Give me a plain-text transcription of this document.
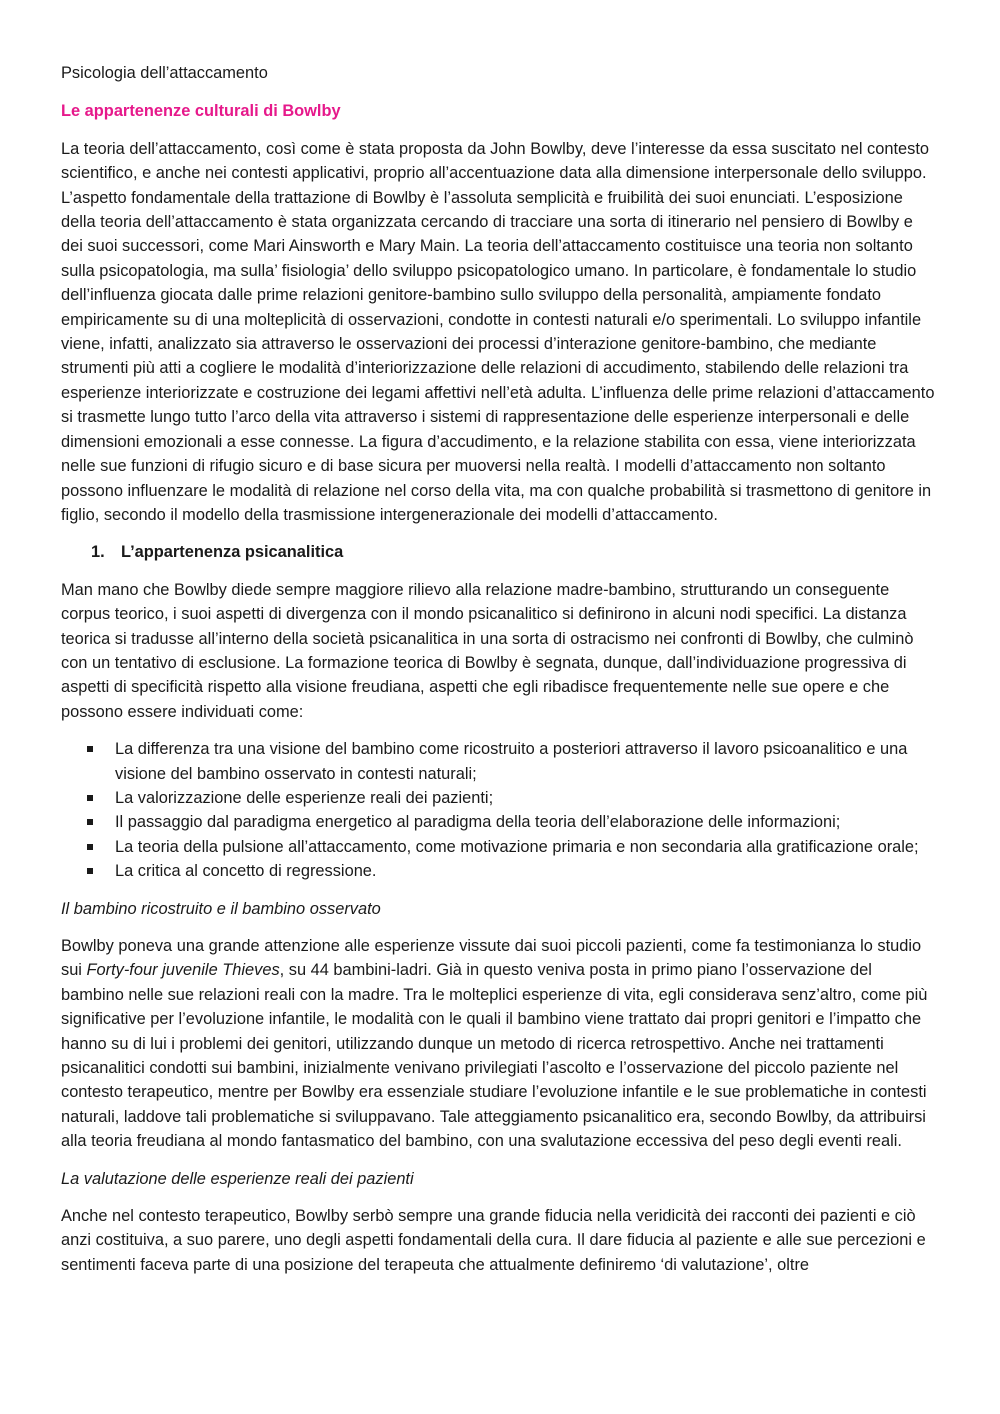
Psicologia dell’attaccamento

Le appartenenze culturali di Bowlby

La teoria dell’attaccamento, così come è stata proposta da John Bowlby, deve l’interesse da essa suscitato nel contesto scientifico, e anche nei contesti applicativi, proprio all’accentuazione data alla dimensione interpersonale dello sviluppo. L’aspetto fondamentale della trattazione di Bowlby è l’assoluta semplicità e fruibilità dei suoi enunciati. L’esposizione della teoria dell’attaccamento è stata organizzata cercando di tracciare una sorta di itinerario nel pensiero di Bowlby e dei suoi successori, come Mari Ainsworth e Mary Main. La teoria dell’attaccamento costituisce una teoria non soltanto sulla psicopatologia, ma sulla’ fisiologia’ dello sviluppo psicopatologico umano. In particolare, è fondamentale lo studio dell’influenza giocata dalle prime relazioni genitore-bambino sullo sviluppo della personalità, ampiamente fondato empiricamente su di una molteplicità di osservazioni, condotte in contesti naturali e/o sperimentali. Lo sviluppo infantile viene, infatti, analizzato sia attraverso le osservazioni dei processi d’interazione genitore-bambino, che mediante strumenti più atti a cogliere le modalità d’interiorizzazione delle relazioni di accudimento, stabilendo delle relazioni tra esperienze interiorizzate e costruzione dei legami affettivi nell’età adulta. L’influenza delle prime relazioni d’attaccamento si trasmette lungo tutto l’arco della vita attraverso i sistemi di rappresentazione delle esperienze interpersonali e delle dimensioni emozionali a esse connesse. La figura d’accudimento, e la relazione stabilita con essa, viene interiorizzata nelle sue funzioni di rifugio sicuro e di base sicura per muoversi nella realtà. I modelli d’attaccamento non soltanto possono influenzare le modalità di relazione nel corso della vita, ma con qualche probabilità si trasmettono di genitore in figlio, secondo il modello della trasmissione intergenerazionale dei modelli d’attaccamento.

1. L’appartenenza psicanalitica

Man mano che Bowlby diede sempre maggiore rilievo alla relazione madre-bambino, strutturando un conseguente corpus teorico, i suoi aspetti di divergenza con il mondo psicanalitico si definirono in alcuni nodi specifici. La distanza teorica si tradusse all’interno della società psicanalitica in una sorta di ostracismo nei confronti di Bowlby, che culminò con un tentativo di esclusione. La formazione teorica di Bowlby è segnata, dunque, dall’individuazione progressiva di aspetti di specificità rispetto alla visione freudiana, aspetti che egli ribadisce frequentemente nelle sue opere e che possono essere individuati come:

La differenza tra una visione del bambino come ricostruito a posteriori attraverso il lavoro psicoanalitico e una visione del bambino osservato in contesti naturali;
La valorizzazione delle esperienze reali dei pazienti;
Il passaggio dal paradigma energetico al paradigma della teoria dell’elaborazione delle informazioni;
La teoria della pulsione all’attaccamento, come motivazione primaria e non secondaria alla gratificazione orale;
La critica al concetto di regressione.

Il bambino ricostruito e il bambino osservato

Bowlby poneva una grande attenzione alle esperienze vissute dai suoi piccoli pazienti, come fa testimonianza lo studio sui Forty-four juvenile Thieves, su 44 bambini-ladri. Già in questo veniva posta in primo piano l’osservazione del bambino nelle sue relazioni reali con la madre. Tra le molteplici esperienze di vita, egli considerava senz’altro, come più significative per l’evoluzione infantile, le modalità con le quali il bambino viene trattato dai propri genitori e l’impatto che hanno su di lui i problemi dei genitori, utilizzando dunque un metodo di ricerca retrospettivo. Anche nei trattamenti psicanalitici condotti sui bambini, inizialmente venivano privilegiati l’ascolto e l’osservazione del piccolo paziente nel contesto terapeutico, mentre per Bowlby era essenziale studiare l’evoluzione infantile e le sue problematiche in contesti naturali, laddove tali problematiche si sviluppavano. Tale atteggiamento psicanalitico era, secondo Bowlby, da attribuirsi alla teoria freudiana al mondo fantasmatico del bambino, con una svalutazione eccessiva del peso degli eventi reali.

La valutazione delle esperienze reali dei pazienti

Anche nel contesto terapeutico, Bowlby serbò sempre una grande fiducia nella veridicità dei racconti dei pazienti e ciò anzi costituiva, a suo parere, uno degli aspetti fondamentali della cura. Il dare fiducia al paziente e alle sue percezioni e sentimenti faceva parte di una posizione del terapeuta che attualmente definiremo ‘di valutazione’, oltre
